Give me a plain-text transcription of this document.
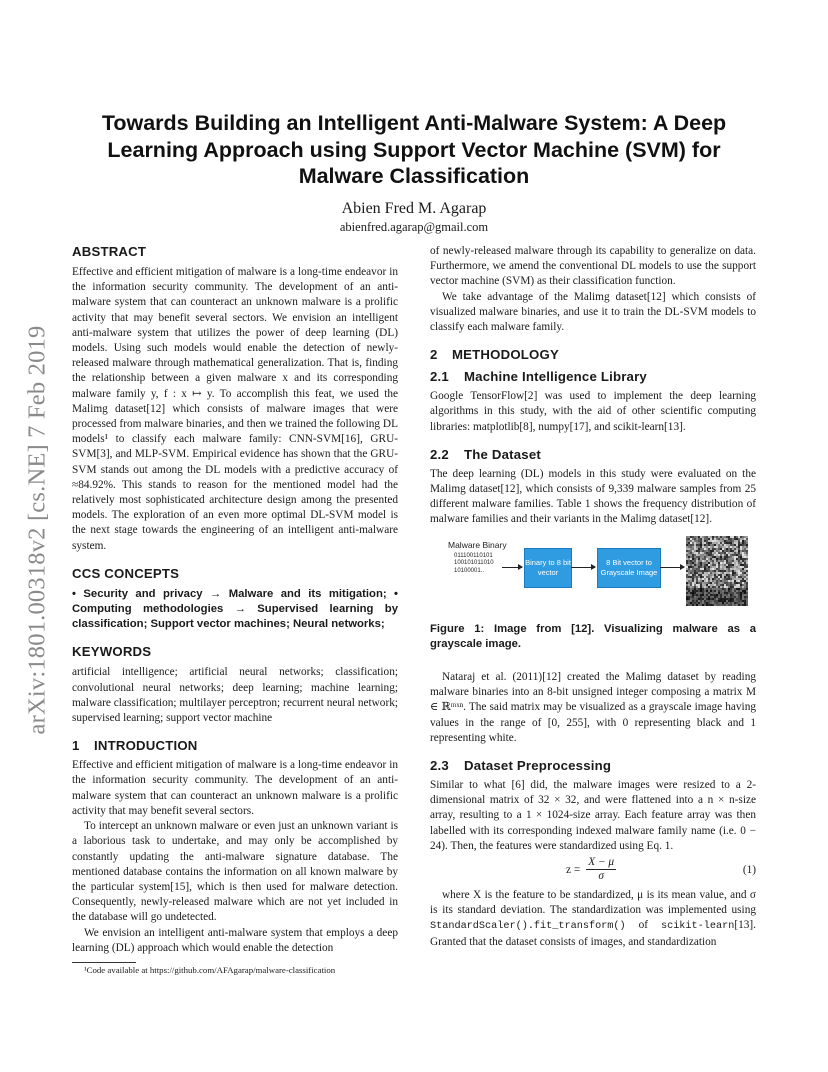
arXiv:1801.00318v2 [cs.NE] 7 Feb 2019
Towards Building an Intelligent Anti-Malware System: A Deep Learning Approach using Support Vector Machine (SVM) for Malware Classification
Abien Fred M. Agarap
abienfred.agarap@gmail.com
ABSTRACT

Effective and efficient mitigation of malware is a long-time endeavor in the information security community. The development of an anti-malware system that can counteract an unknown malware is a prolific activity that may benefit several sectors. We envision an intelligent anti-malware system that utilizes the power of deep learning (DL) models. Using such models would enable the detection of newly-released malware through mathematical generalization. That is, finding the relationship between a given malware x and its corresponding malware family y, f : x ↦ y. To accomplish this feat, we used the Malimg dataset[12] which consists of malware images that were processed from malware binaries, and then we trained the following DL models¹ to classify each malware family: CNN-SVM[16], GRU-SVM[3], and MLP-SVM. Empirical evidence has shown that the GRU-SVM stands out among the DL models with a predictive accuracy of ≈84.92%. This stands to reason for the mentioned model had the relatively most sophisticated architecture design among the presented models. The exploration of an even more optimal DL-SVM model is the next stage towards the engineering of an intelligent anti-malware system.

CCS CONCEPTS

• Security and privacy → Malware and its mitigation; • Computing methodologies → Supervised learning by classification; Support vector machines; Neural networks;

KEYWORDS

artificial intelligence; artificial neural networks; classification; convolutional neural networks; deep learning; machine learning; malware classification; multilayer perceptron; recurrent neural network; supervised learning; support vector machine

1 INTRODUCTION

Effective and efficient mitigation of malware is a long-time endeavor in the information security community. The development of an anti-malware system that can counteract an unknown malware is a prolific activity that may benefit several sectors.

To intercept an unknown malware or even just an unknown variant is a laborious task to undertake, and may only be accomplished by constantly updating the anti-malware signature database. The mentioned database contains the information on all known malware by the particular system[15], which is then used for malware detection. Consequently, newly-released malware which are not yet included in the database will go undetected.

We envision an intelligent anti-malware system that employs a deep learning (DL) approach which would enable the detection

¹Code available at https://github.com/AFAgarap/malware-classification

of newly-released malware through its capability to generalize on data. Furthermore, we amend the conventional DL models to use the support vector machine (SVM) as their classification function.

We take advantage of the Malimg dataset[12] which consists of visualized malware binaries, and use it to train the DL-SVM models to classify each malware family.

2 METHODOLOGY
2.1 Machine Intelligence Library

Google TensorFlow[2] was used to implement the deep learning algorithms in this study, with the aid of other scientific computing libraries: matplotlib[8], numpy[17], and scikit-learn[13].

2.2 The Dataset

The deep learning (DL) models in this study were evaluated on the Malimg dataset[12], which consists of 9,339 malware samples from 25 different malware families. Table 1 shows the frequency distribution of malware families and their variants in the Malimg dataset[12].

Malware Binary
011100110101
100101011010
10100001..
Binary to 8 bit vector
8 Bit vector to Grayscale Image

Figure 1: Image from [12]. Visualizing malware as a grayscale image.

Nataraj et al. (2011)[12] created the Malimg dataset by reading malware binaries into an 8-bit unsigned integer composing a matrix M ∈ ℝᵐˣⁿ. The said matrix may be visualized as a grayscale image having values in the range of [0, 255], with 0 representing black and 1 representing white.

2.3 Dataset Preprocessing

Similar to what [6] did, the malware images were resized to a 2-dimensional matrix of 32 × 32, and were flattened into a n × n-size array, resulting to a 1 × 1024-size array. Each feature array was then labelled with its corresponding indexed malware family name (i.e. 0 − 24). Then, the features were standardized using Eq. 1.

$z = \frac{X - \mu}{\sigma}$	(1)

where X is the feature to be standardized, μ is its mean value, and σ is its standard deviation. The standardization was implemented using StandardScaler().fit_transform() of scikit-learn[13]. Granted that the dataset consists of images, and standardization
